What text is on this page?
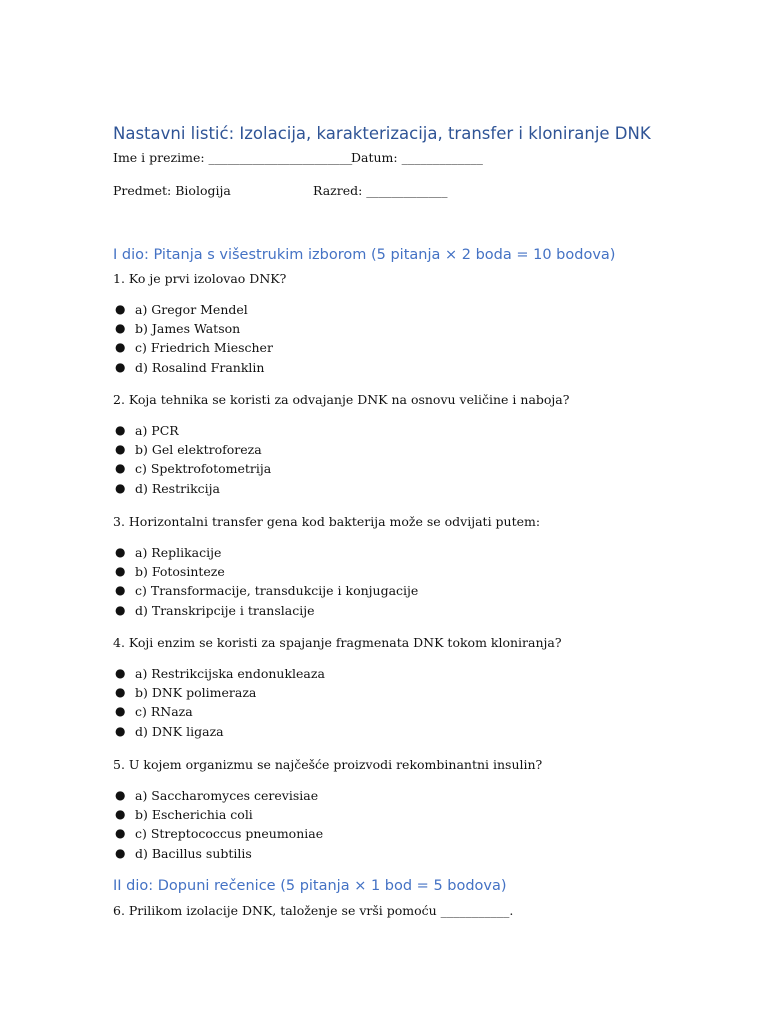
Nastavni listić: Izolacija, karakterizacija, transfer i kloniranje DNK
Ime i prezime: _______________________
Datum: _____________
Predmet: Biologija	Razred: _____________
I dio: Pitanja s višestrukim izborom (5 pitanja × 2 boda = 10 bodova)
1. Ko je prvi izolovao DNK?
● a) Gregor Mendel
● b) James Watson
● c) Friedrich Miescher
● d) Rosalind Franklin
2. Koja tehnika se koristi za odvajanje DNK na osnovu veličine i naboja?
● a) PCR
● b) Gel elektroforeza
● c) Spektrofotometrija
● d) Restrikcija
3. Horizontalni transfer gena kod bakterija može se odvijati putem:
● a) Replikacije
● b) Fotosinteze
● c) Transformacije, transdukcije i konjugacije
● d) Transkripcije i translacije
4. Koji enzim se koristi za spajanje fragmenata DNK tokom kloniranja?
● a) Restrikcijska endonukleaza
● b) DNK polimeraza
● c) RNaza
● d) DNK ligaza
5. U kojem organizmu se najčešće proizvodi rekombinantni insulin?
● a) Saccharomyces cerevisiae
● b) Escherichia coli
● c) Streptococcus pneumoniae
● d) Bacillus subtilis
II dio: Dopuni rečenice (5 pitanja × 1 bod = 5 bodova)
6. Prilikom izolacije DNK, taloženje se vrši pomoću ___________.
